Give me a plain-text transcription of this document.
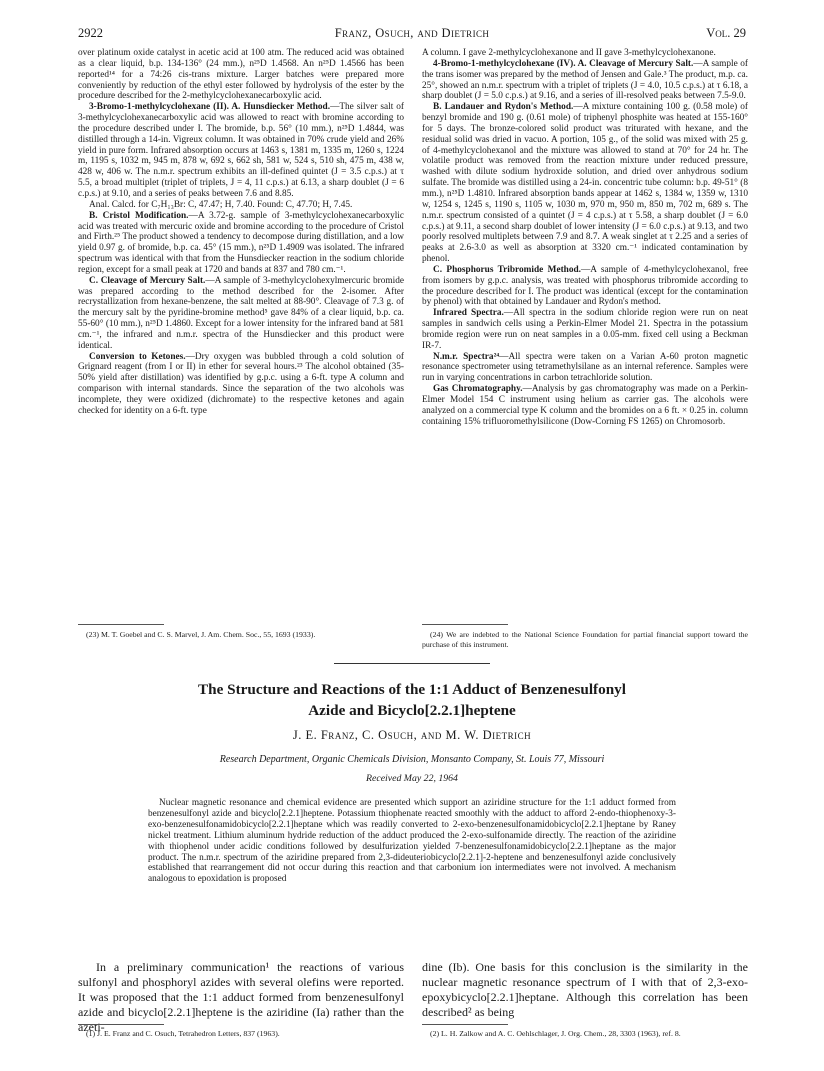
2922	Franz, Osuch, and Dietrich	Vol. 29

over platinum oxide catalyst in acetic acid at 100 atm. The reduced acid was obtained as a clear liquid, b.p. 134-136° (24 mm.), n²⁵D 1.4568. An n²⁵D 1.4566 has been reported¹⁴ for a 74:26 cis-trans mixture. Larger batches were prepared more conveniently by reduction of the ethyl ester followed by hydrolysis of the ester by the procedure described for the 2-methylcyclohexanecarboxylic acid.

3-Bromo-1-methylcyclohexane (II). A. Hunsdiecker Method.—The silver salt of 3-methylcyclohexanecarboxylic acid was allowed to react with bromine according to the procedure described under I. The bromide, b.p. 56° (10 mm.), n²⁵D 1.4844, was distilled through a 14-in. Vigreux column. It was obtained in 70% crude yield and 26% yield in pure form. Infrared absorption occurs at 1463 s, 1381 m, 1335 m, 1260 s, 1224 m, 1195 s, 1032 m, 945 m, 878 w, 692 s, 662 sh, 581 w, 524 s, 510 sh, 475 m, 438 w, 428 w, 406 w. The n.m.r. spectrum exhibits an ill-defined quintet (J = 3.5 c.p.s.) at τ 5.5, a broad multiplet (triplet of triplets, J = 4, 11 c.p.s.) at 6.13, a sharp doublet (J = 6 c.p.s.) at 9.10, and a series of peaks between 7.6 and 8.85.

Anal. Calcd. for C₇H₁₃Br: C, 47.47; H, 7.40. Found: C, 47.70; H, 7.45.

B. Cristol Modification.—A 3.72-g. sample of 3-methylcyclohexanecarboxylic acid was treated with mercuric oxide and bromine according to the procedure of Cristol and Firth.²⁵ The product showed a tendency to decompose during distillation, and a low yield 0.97 g. of bromide, b.p. ca. 45° (15 mm.), n²⁵D 1.4909 was isolated. The infrared spectrum was identical with that from the Hunsdiecker reaction in the sodium chloride region, except for a small peak at 1720 and bands at 837 and 780 cm.⁻¹.

C. Cleavage of Mercury Salt.—A sample of 3-methylcyclohexylmercuric bromide was prepared according to the method described for the 2-isomer. After recrystallization from hexane-benzene, the salt melted at 88-90°. Cleavage of 7.3 g. of the mercury salt by the pyridine-bromine method⁵ gave 84% of a clear liquid, b.p. ca. 55-60° (10 mm.), n²⁵D 1.4860. Except for a lower intensity for the infrared band at 581 cm.⁻¹, the infrared and n.m.r. spectra of the Hunsdiecker and this product were identical.

Conversion to Ketones.—Dry oxygen was bubbled through a cold solution of Grignard reagent (from I or II) in ether for several hours.²³ The alcohol obtained (35-50% yield after distillation) was identified by g.p.c. using a 6-ft. type A column and comparison with internal standards. Since the separation of the two alcohols was incomplete, they were oxidized (dichromate) to the respective ketones and again checked for identity on a 6-ft. type

A column. I gave 2-methylcyclohexanone and II gave 3-methylcyclohexanone.

4-Bromo-1-methylcyclohexane (IV). A. Cleavage of Mercury Salt.—A sample of the trans isomer was prepared by the method of Jensen and Gale.³ The product, m.p. ca. 25°, showed an n.m.r. spectrum with a triplet of triplets (J = 4.0, 10.5 c.p.s.) at τ 6.18, a sharp doublet (J = 5.0 c.p.s.) at 9.16, and a series of ill-resolved peaks between 7.5-9.0.

B. Landauer and Rydon's Method.—A mixture containing 100 g. (0.58 mole) of benzyl bromide and 190 g. (0.61 mole) of triphenyl phosphite was heated at 155-160° for 5 days. The bronze-colored solid product was triturated with hexane, and the residual solid was dried in vacuo. A portion, 105 g., of the solid was mixed with 25 g. of 4-methylcyclohexanol and the mixture was allowed to stand at 70° for 24 hr. The volatile product was removed from the reaction mixture under reduced pressure, washed with dilute sodium hydroxide solution, and dried over anhydrous sodium sulfate. The bromide was distilled using a 24-in. concentric tube column: b.p. 49-51° (8 mm.), n²⁵D 1.4810. Infrared absorption bands appear at 1462 s, 1384 w, 1359 w, 1310 w, 1254 s, 1245 s, 1190 s, 1105 w, 1030 m, 970 m, 950 m, 850 m, 702 m, 689 s. The n.m.r. spectrum consisted of a quintet (J = 4 c.p.s.) at τ 5.58, a sharp doublet (J = 6.0 c.p.s.) at 9.11, a second sharp doublet of lower intensity (J = 6.0 c.p.s.) at 9.13, and two poorly resolved multiplets between 7.9 and 8.7. A weak singlet at τ 2.25 and a series of peaks at 2.6-3.0 as well as absorption at 3320 cm.⁻¹ indicated contamination by phenol.

C. Phosphorus Tribromide Method.—A sample of 4-methylcyclohexanol, free from isomers by g.p.c. analysis, was treated with phosphorus tribromide according to the procedure described for I. The product was identical (except for the contamination by phenol) with that obtained by Landauer and Rydon's method.

Infrared Spectra.—All spectra in the sodium chloride region were run on neat samples in sandwich cells using a Perkin-Elmer Model 21. Spectra in the potassium bromide region were run on neat samples in a 0.05-mm. fixed cell using a Beckman IR-7.

N.m.r. Spectra²⁴—All spectra were taken on a Varian A-60 proton magnetic resonance spectrometer using tetramethylsilane as an internal reference. Samples were run in varying concentrations in carbon tetrachloride solution.

Gas Chromatography.—Analysis by gas chromatography was made on a Perkin-Elmer Model 154 C instrument using helium as carrier gas. The alcohols were analyzed on a commercial type K column and the bromides on a 6 ft. × 0.25 in. column containing 15% trifluoromethylsilicone (Dow-Corning FS 1265) on Chromosorb.

(23) M. T. Goebel and C. S. Marvel, J. Am. Chem. Soc., 55, 1693 (1933).	(24) We are indebted to the National Science Foundation for partial financial support toward the purchase of this instrument.
The Structure and Reactions of the 1:1 Adduct of Benzenesulfonyl
Azide and Bicyclo[2.2.1]heptene
J. E. Franz, C. Osuch, and M. W. Dietrich
Research Department, Organic Chemicals Division, Monsanto Company, St. Louis 77, Missouri
Received May 22, 1964
Nuclear magnetic resonance and chemical evidence are presented which support an aziridine structure for the 1:1 adduct formed from benzenesulfonyl azide and bicyclo[2.2.1]heptene. Potassium thiophenate reacted smoothly with the adduct to afford 2-endo-thiophenoxy-3-exo-benzenesulfonamidobicyclo[2.2.1]heptane which was readily converted to 2-exo-benzenesulfonamidobicyclo[2.2.1]heptane by Raney nickel treatment. Lithium aluminum hydride reduction of the adduct produced the 2-exo-sulfonamide directly. The reaction of the aziridine with thiophenol under acidic conditions followed by desulfurization yielded 7-benzenesulfonamidobicyclo[2.2.1]heptane as the major product. The n.m.r. spectrum of the aziridine prepared from 2,3-dideuteriobicyclo[2.2.1]-2-heptene and benzenesulfonyl azide conclusively established that rearrangement did not occur during this reaction and that carbonium ion intermediates were not involved. A mechanism analogous to epoxidation is proposed
In a preliminary communication¹ the reactions of various sulfonyl and phosphoryl azides with several olefins were reported. It was proposed that the 1:1 adduct formed from benzenesulfonyl azide and bicyclo[2.2.1]heptene is the aziridine (Ia) rather than the azeti-
dine (Ib). One basis for this conclusion is the similarity in the nuclear magnetic resonance spectrum of I with that of 2,3-exo-epoxybicyclo[2.2.1]heptane. Although this correlation has been described² as being
(1) J. E. Franz and C. Osuch, Tetrahedron Letters, 837 (1963).	(2) L. H. Zalkow and A. C. Oehlschlager, J. Org. Chem., 28, 3303 (1963), ref. 8.
